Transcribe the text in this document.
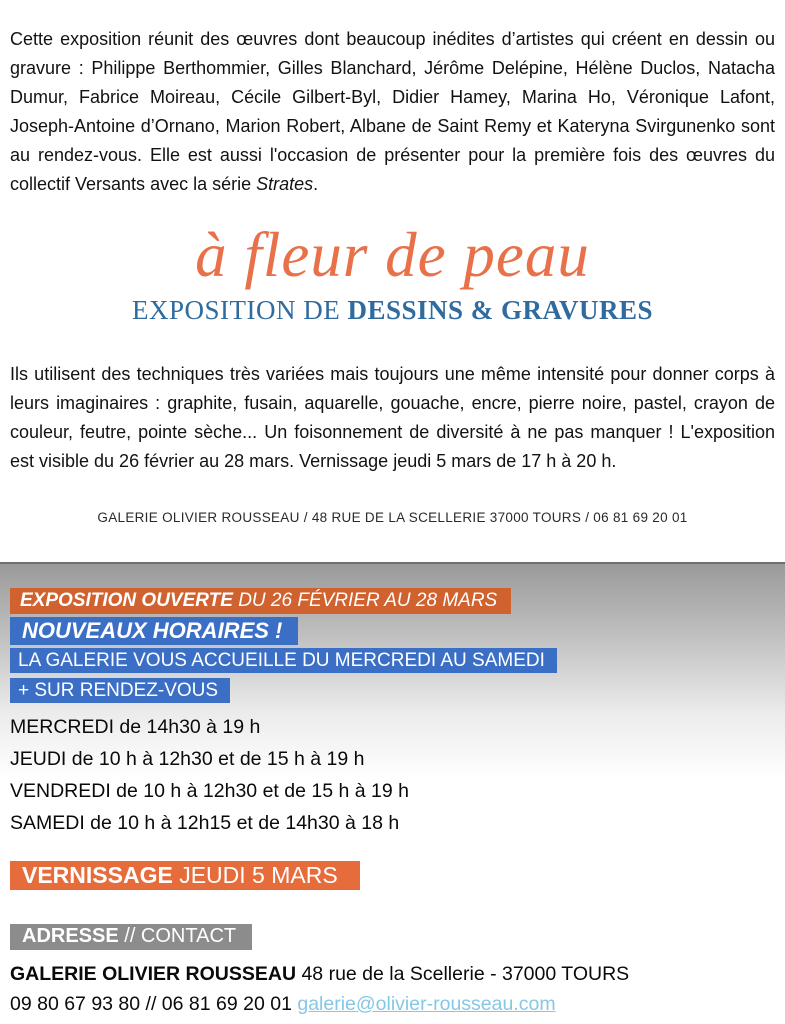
Cette exposition réunit des œuvres dont beaucoup inédites d’artistes qui créent en dessin ou gravure : Philippe Berthommier, Gilles Blanchard, Jérôme Delépine, Hélène Duclos, Natacha Dumur, Fabrice Moireau, Cécile Gilbert-Byl, Didier Hamey, Marina Ho, Véronique Lafont, Joseph-Antoine d’Ornano, Marion Robert, Albane de Saint Remy et Kateryna Svirgunenko sont au rendez-vous. Elle est aussi l'occasion de présenter pour la première fois des œuvres du collectif Versants avec la série Strates.

à fleur de peau
EXPOSITION DE DESSINS & GRAVURES

Ils utilisent des techniques très variées mais toujours une même intensité pour donner corps à leurs imaginaires : graphite, fusain, aquarelle, gouache, encre, pierre noire, pastel, crayon de couleur, feutre, pointe sèche... Un foisonnement de diversité à ne pas manquer ! L'exposition est visible du 26 février au 28 mars. Vernissage jeudi 5 mars de 17 h à 20 h.

GALERIE OLIVIER ROUSSEAU / 48 RUE DE LA SCELLERIE 37000 TOURS / 06 81 69 20 01

EXPOSITION OUVERTE DU 26 FÉVRIER AU 28 MARS
NOUVEAUX HORAIRES !
LA GALERIE VOUS ACCUEILLE DU MERCREDI AU SAMEDI
+ SUR RENDEZ-VOUS
MERCREDI de 14h30 à 19 h
JEUDI de 10 h à 12h30 et de 15 h à 19 h
VENDREDI de 10 h à 12h30 et de 15 h à 19 h
SAMEDI de 10 h à 12h15 et de 14h30 à 18 h
VERNISSAGE JEUDI 5 MARS
ADRESSE // CONTACT
GALERIE OLIVIER ROUSSEAU 48 rue de la Scellerie - 37000 TOURS
09 80 67 93 80 // 06 81 69 20 01 galerie@olivier-rousseau.com
